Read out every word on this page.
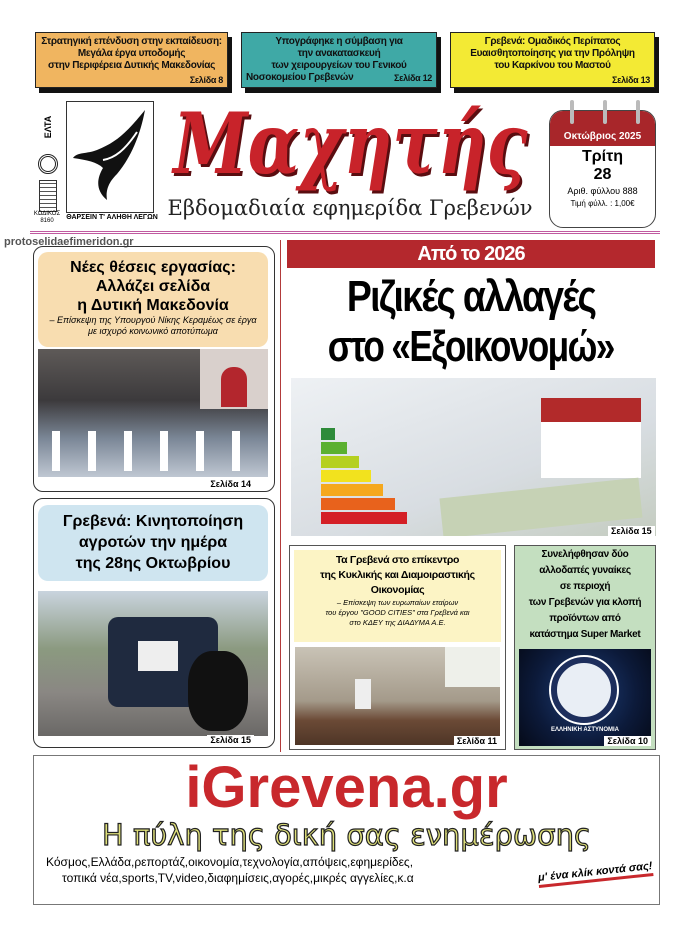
Στρατηγική επένδυση στην εκπαίδευση:
Μεγάλα έργα υποδομής
στην Περιφέρεια Δυτικής Μακεδονίας
Σελίδα 8
Υπογράφηκε η σύμβαση για
την ανακατασκευή
των χειρουργείων του Γενικού
Νοσοκομείου Γρεβενών	Σελίδα 12
Γρεβενά: Ομαδικός Περίπατος
Ευαισθητοποίησης για την Πρόληψη
του Καρκίνου του Μαστού
Σελίδα 13
ΕΛΤΑ
ΚΩΔΙΚΟΣ
8160	ΘΑΡΣΕΙΝ Τ' ΑΛΗΘΗ ΛΕΓΩΝ
Μαχητής
Εβδομαδιαία εφημερίδα Γρεβενών
Οκτώβριος 2025
Τρίτη
28
Αριθ. φύλλου 888
Τιμή φύλλ. : 1,00€
protoselidaefimeridon.gr
Νέες θέσεις εργασίας:
Αλλάζει σελίδα
η Δυτική Μακεδονία
– Επίσκεψη της Υπουργού Νίκης Κεραμέως σε έργα με ισχυρό κοινωνικό αποτύπωμα
Σελίδα 14
Γρεβενά: Κινητοποίηση
αγροτών την ημέρα
της 28ης Οκτωβρίου
Σελίδα 15
Από το 2026
Ριζικές αλλαγές
στο «Εξοικονομώ»
Σελίδα 15
Τα Γρεβενά στο επίκεντρο
της Κυκλικής και Διαμοιραστικής
Οικονομίας
– Επίσκεψη των ευρωπαίων εταίρων
του έργου "GOOD CITIES" στα Γρεβενά και
στο ΚΔΕΥ της ΔΙΑΔΥΜΑ Α.Ε.
Σελίδα 11
Συνελήφθησαν δύο
αλλοδαπές γυναίκες
σε περιοχή
των Γρεβενών για κλοπή
προϊόντων από
κατάστημα Super Market
ΕΛΛΗΝΙΚΗ ΑΣΤΥΝΟΜΙΑ
Σελίδα 10
iGrevena.gr
Η πύλη της δική σας ενημέρωσης
Κόσμος,Ελλάδα,ρεπορτάζ,οικονομία,τεχνολογία,απόψεις,εφημερίδες,
τοπικά νέα,sports,TV,video,διαφημίσεις,αγορές,μικρές αγγελίες,κ.α	μ' ένα κλίκ κοντά σας!
